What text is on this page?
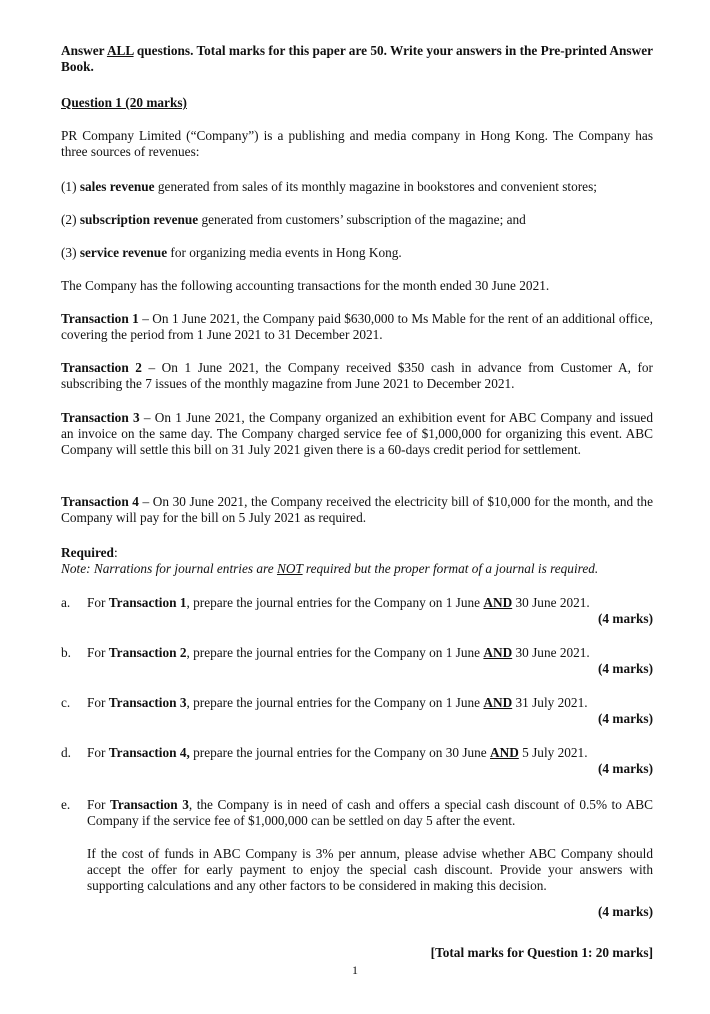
Answer ALL questions. Total marks for this paper are 50. Write your answers in the Pre-printed Answer Book.
Question 1 (20 marks)
PR Company Limited (“Company”) is a publishing and media company in Hong Kong. The Company has three sources of revenues:
(1) sales revenue generated from sales of its monthly magazine in bookstores and convenient stores;
(2) subscription revenue generated from customers’ subscription of the magazine; and
(3) service revenue for organizing media events in Hong Kong.
The Company has the following accounting transactions for the month ended 30 June 2021.
Transaction 1 – On 1 June 2021, the Company paid $630,000 to Ms Mable for the rent of an additional office, covering the period from 1 June 2021 to 31 December 2021.
Transaction 2 – On 1 June 2021, the Company received $350 cash in advance from Customer A, for subscribing the 7 issues of the monthly magazine from June 2021 to December 2021.
Transaction 3 – On 1 June 2021, the Company organized an exhibition event for ABC Company and issued an invoice on the same day. The Company charged service fee of $1,000,000 for organizing this event. ABC Company will settle this bill on 31 July 2021 given there is a 60-days credit period for settlement.
Transaction 4 – On 30 June 2021, the Company received the electricity bill of $10,000 for the month, and the Company will pay for the bill on 5 July 2021 as required.
Required:
Note: Narrations for journal entries are NOT required but the proper format of a journal is required.
a. For Transaction 1, prepare the journal entries for the Company on 1 June AND 30 June 2021.
(4 marks)
b. For Transaction 2, prepare the journal entries for the Company on 1 June AND 30 June 2021.
(4 marks)
c. For Transaction 3, prepare the journal entries for the Company on 1 June AND 31 July 2021.
(4 marks)
d. For Transaction 4, prepare the journal entries for the Company on 30 June AND 5 July 2021.
(4 marks)
e. For Transaction 3, the Company is in need of cash and offers a special cash discount of 0.5% to ABC Company if the service fee of $1,000,000 can be settled on day 5 after the event.
If the cost of funds in ABC Company is 3% per annum, please advise whether ABC Company should accept the offer for early payment to enjoy the special cash discount. Provide your answers with supporting calculations and any other factors to be considered in making this decision.
(4 marks)
[Total marks for Question 1: 20 marks]
1
